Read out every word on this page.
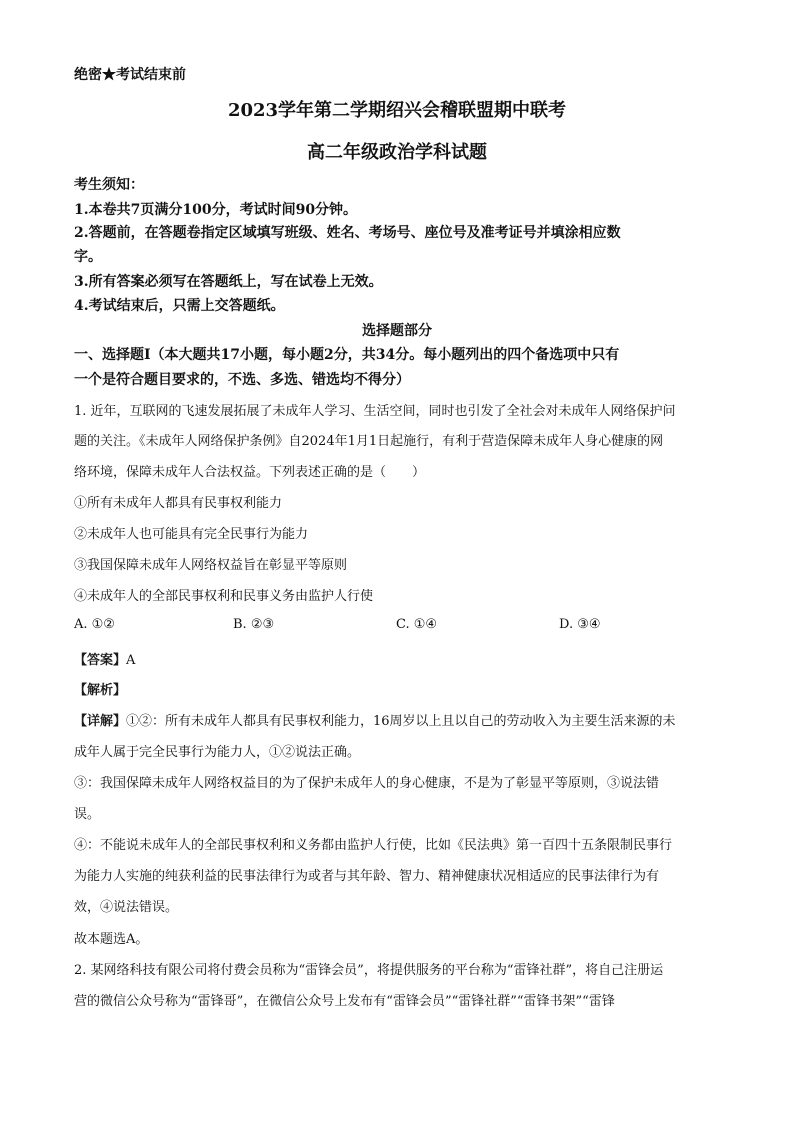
绝密★考试结束前
2023学年第二学期绍兴会稽联盟期中联考
高二年级政治学科试题
考生须知：
1.本卷共7页满分100分，考试时间90分钟。
2.答题前，在答题卷指定区域填写班级、姓名、考场号、座位号及准考证号并填涂相应数
字。
3.所有答案必须写在答题纸上，写在试卷上无效。
4.考试结束后，只需上交答题纸。
选择题部分
一、选择题Ⅰ（本大题共17小题，每小题2分，共34分。每小题列出的四个备选项中只有
一个是符合题目要求的，不选、多选、错选均不得分）
1. 近年，互联网的飞速发展拓展了未成年人学习、生活空间，同时也引发了全社会对未成年人网络保护问
题的关注。《未成年人网络保护条例》自2024年1月1日起施行，有利于营造保障未成年人身心健康的网
络环境，保障未成年人合法权益。下列表述正确的是（　　）
①所有未成年人都具有民事权利能力
②未成年人也可能具有完全民事行为能力
③我国保障未成年人网络权益旨在彰显平等原则
④未成年人的全部民事权利和民事义务由监护人行使
A. ①②	B. ②③	C. ①④	D. ③④
【答案】A
【解析】
【详解】①②：所有未成年人都具有民事权利能力，16周岁以上且以自己的劳动收入为主要生活来源的未
成年人属于完全民事行为能力人，①②说法正确。
③：我国保障未成年人网络权益目的为了保护未成年人的身心健康，不是为了彰显平等原则，③说法错
误。
④：不能说未成年人的全部民事权利和义务都由监护人行使，比如《民法典》第一百四十五条限制民事行
为能力人实施的纯获利益的民事法律行为或者与其年龄、智力、精神健康状况相适应的民事法律行为有
效，④说法错误。
故本题选A。
2. 某网络科技有限公司将付费会员称为“雷锋会员”，将提供服务的平台称为“雷锋社群”，将自己注册运
营的微信公众号称为“雷锋哥”，在微信公众号上发布有“雷锋会员”“雷锋社群”“雷锋书架”“雷锋
